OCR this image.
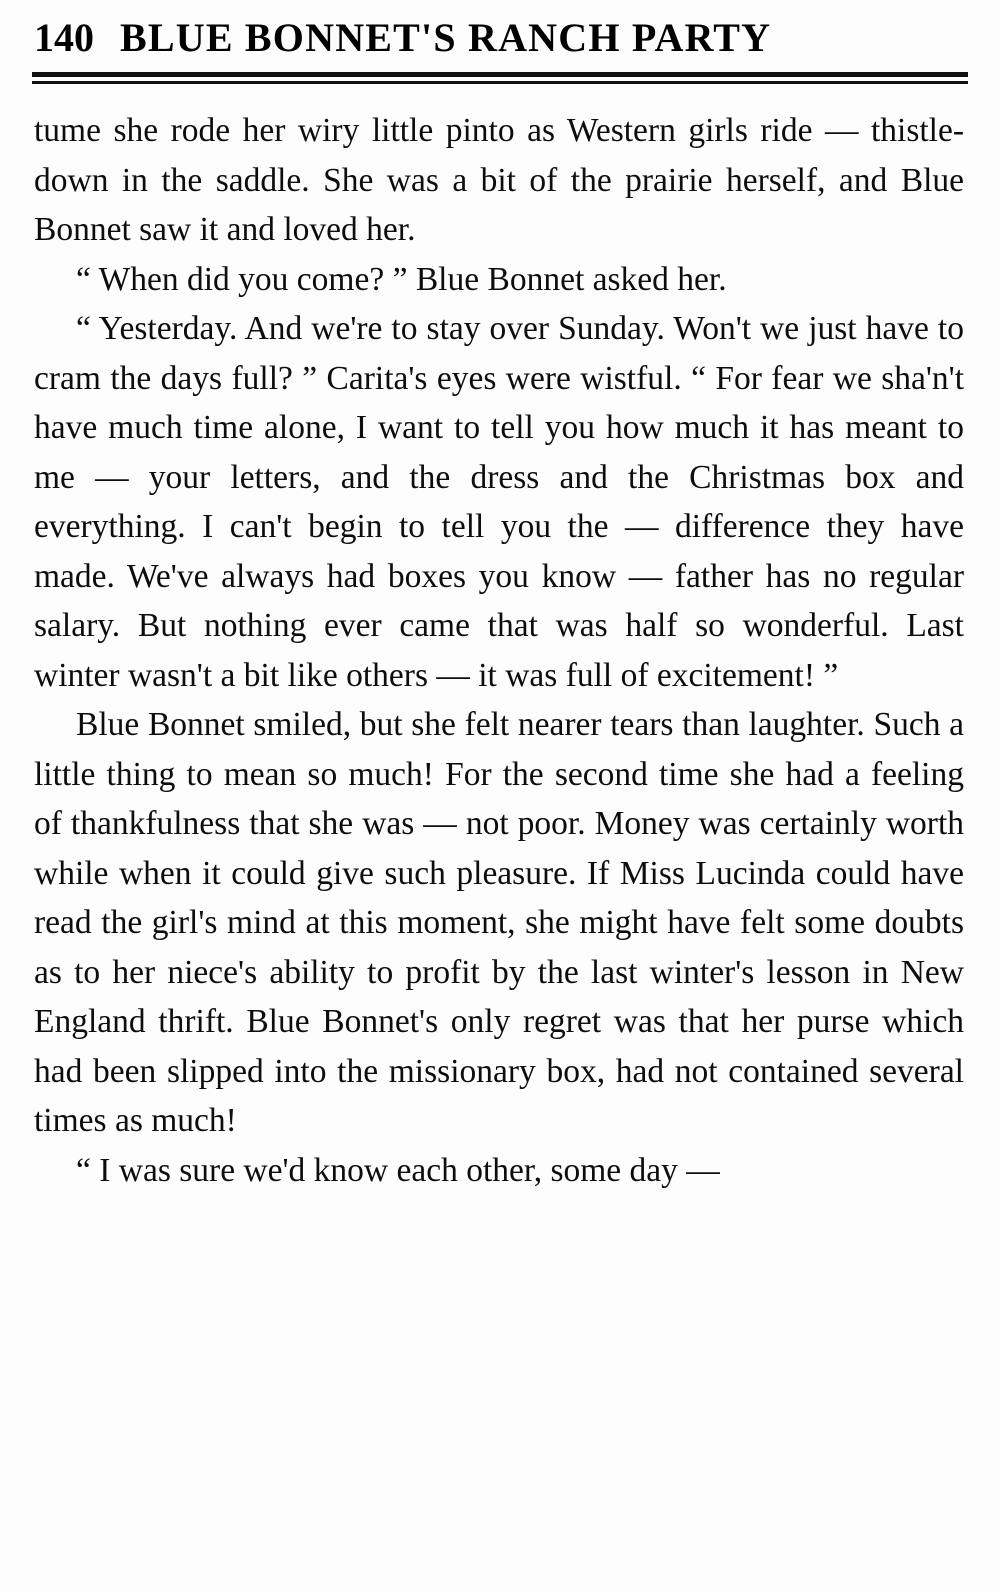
140 BLUE BONNET'S RANCH PARTY

tume she rode her wiry little pinto as Western girls ride — thistle-down in the saddle. She was a bit of the prairie herself, and Blue Bonnet saw it and loved her.

“ When did you come? ” Blue Bonnet asked her.

“ Yesterday. And we're to stay over Sunday. Won't we just have to cram the days full? ” Carita's eyes were wistful. “ For fear we sha'n't have much time alone, I want to tell you how much it has meant to me — your letters, and the dress and the Christmas box and everything. I can't begin to tell you the — difference they have made. We've always had boxes you know — father has no regular salary. But nothing ever came that was half so wonderful. Last winter wasn't a bit like others — it was full of excitement! ”

Blue Bonnet smiled, but she felt nearer tears than laughter. Such a little thing to mean so much! For the second time she had a feeling of thankfulness that she was — not poor. Money was certainly worth while when it could give such pleasure. If Miss Lucinda could have read the girl's mind at this moment, she might have felt some doubts as to her niece's ability to profit by the last winter's lesson in New England thrift. Blue Bonnet's only regret was that her purse which had been slipped into the missionary box, had not contained several times as much!

“ I was sure we'd know each other, some day —
